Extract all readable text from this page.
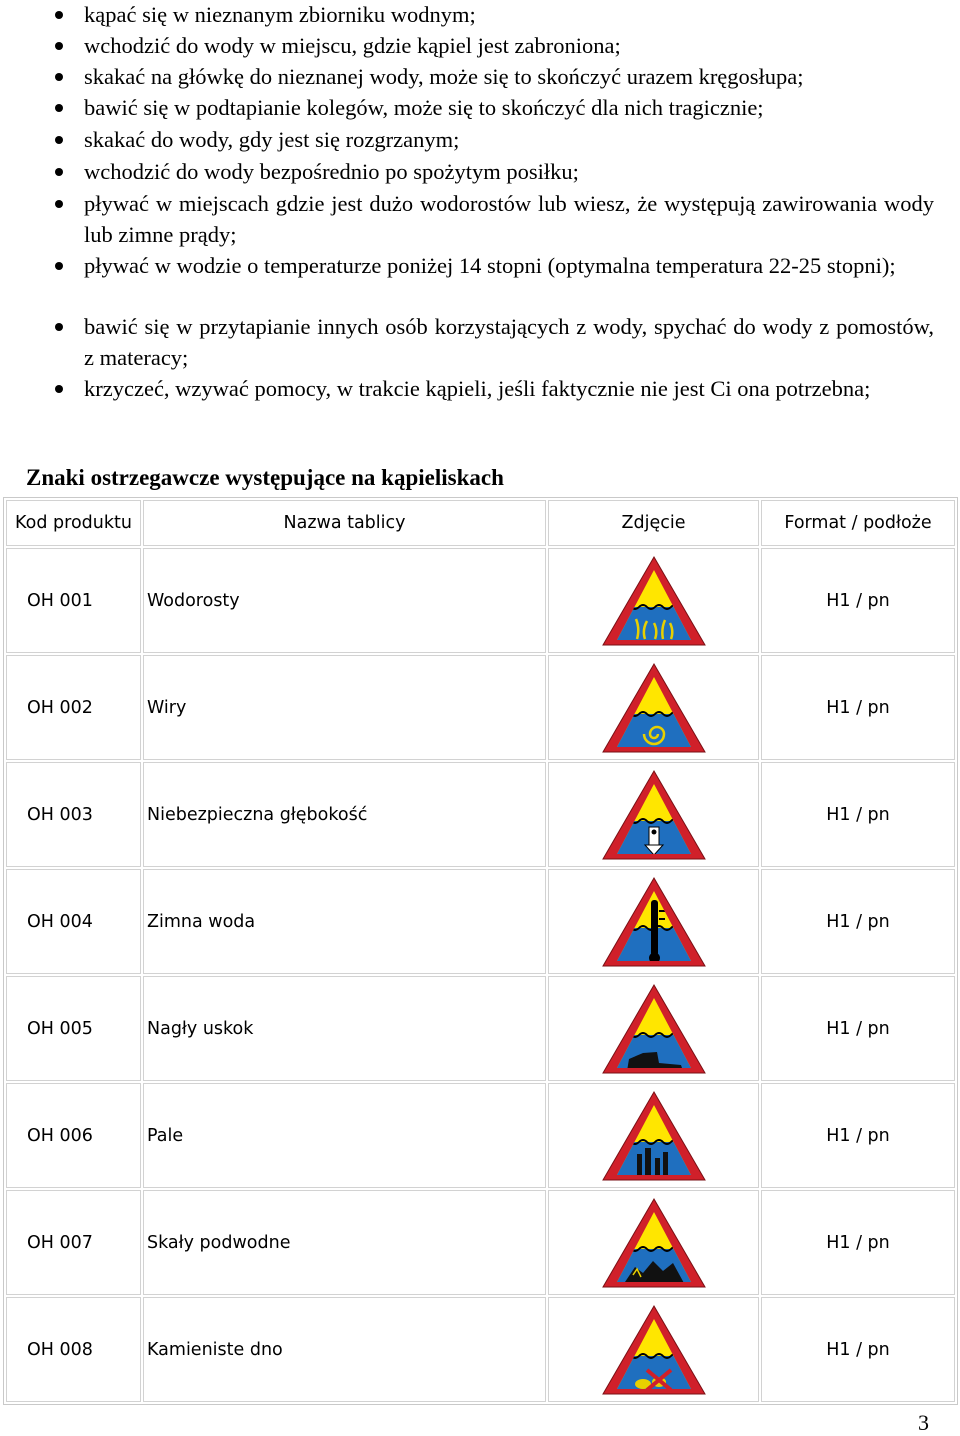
kąpać się w nieznanym zbiorniku wodnym;
wchodzić do wody w miejscu, gdzie kąpiel jest zabroniona;
skakać na główkę do nieznanej wody, może się to skończyć urazem kręgosłupa;
bawić się w podtapianie kolegów, może się to skończyć dla nich tragicznie;
skakać do wody, gdy jest się rozgrzanym;
wchodzić do wody bezpośrednio po spożytym posiłku;
pływać w miejscach gdzie jest dużo wodorostów lub wiesz, że występują zawirowania wody lub zimne prądy;
pływać w wodzie o temperaturze poniżej 14 stopni (optymalna temperatura 22-25 stopni);
bawić się w przytapianie innych osób korzystających z wody, spychać do wody z pomostów, z materacy;
krzyczeć, wzywać pomocy, w trakcie kąpieli, jeśli faktycznie nie jest Ci ona potrzebna;
Znaki ostrzegawcze występujące na kąpieliskach
Kod produktu	Nazwa tablicy	Zdjęcie	Format / podłoże
OH 001	Wodorosty		H1 / pn
OH 002	Wiry		H1 / pn
OH 003	Niebezpieczna głębokość		H1 / pn
OH 004	Zimna woda		H1 / pn
OH 005	Nagły uskok		H1 / pn
OH 006	Pale		H1 / pn
OH 007	Skały podwodne		H1 / pn
OH 008	Kamieniste dno		H1 / pn
3
